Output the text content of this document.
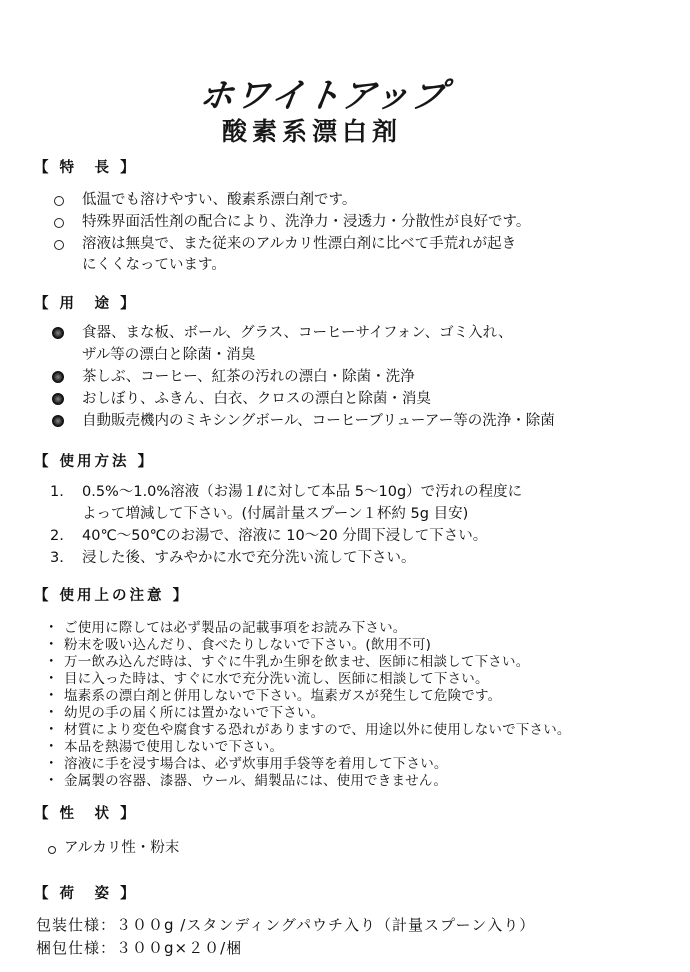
ホワイトアップ
酸素系漂白剤
【 特　長 】
低温でも溶けやすい、酸素系漂白剤です。
特殊界面活性剤の配合により、洗浄力・浸透力・分散性が良好です。
溶液は無臭で、また従来のアルカリ性漂白剤に比べて手荒れが起き
にくくなっています。
【 用　途 】
食器、まな板、ボール、グラス、コーヒーサイフォン、ゴミ入れ、
ザル等の漂白と除菌・消臭
茶しぶ、コーヒー、紅茶の汚れの漂白・除菌・洗浄
おしぼり、ふきん、白衣、クロスの漂白と除菌・消臭
自動販売機内のミキシングボール、コーヒーブリューアー等の洗浄・除菌
【 使用方法 】
1. 0.5%～1.0%溶液（お湯１ℓに対して本品 5～10g）で汚れの程度に
よって増減して下さい。(付属計量スプーン１杯約 5g 目安)
2. 40℃～50℃のお湯で、溶液に 10～20 分間下浸して下さい。
3. 浸した後、すみやかに水で充分洗い流して下さい。
【 使用上の注意 】
・ ご使用に際しては必ず製品の記載事項をお読み下さい。
・ 粉末を吸い込んだり、食べたりしないで下さい。(飲用不可)
・ 万一飲み込んだ時は、すぐに牛乳か生卵を飲ませ、医師に相談して下さい。
・ 目に入った時は、すぐに水で充分洗い流し、医師に相談して下さい。
・ 塩素系の漂白剤と併用しないで下さい。塩素ガスが発生して危険です。
・ 幼児の手の届く所には置かないで下さい。
・ 材質により変色や腐食する恐れがありますので、用途以外に使用しないで下さい。
・ 本品を熱湯で使用しないで下さい。
・ 溶液に手を浸す場合は、必ず炊事用手袋等を着用して下さい。
・ 金属製の容器、漆器、ウール、絹製品には、使用できません。
【 性　状 】
アルカリ性・粉末
【 荷　姿 】
包装仕様：３００g /スタンディングパウチ入り（計量スプーン入り）
梱包仕様：３００g×２０/梱
